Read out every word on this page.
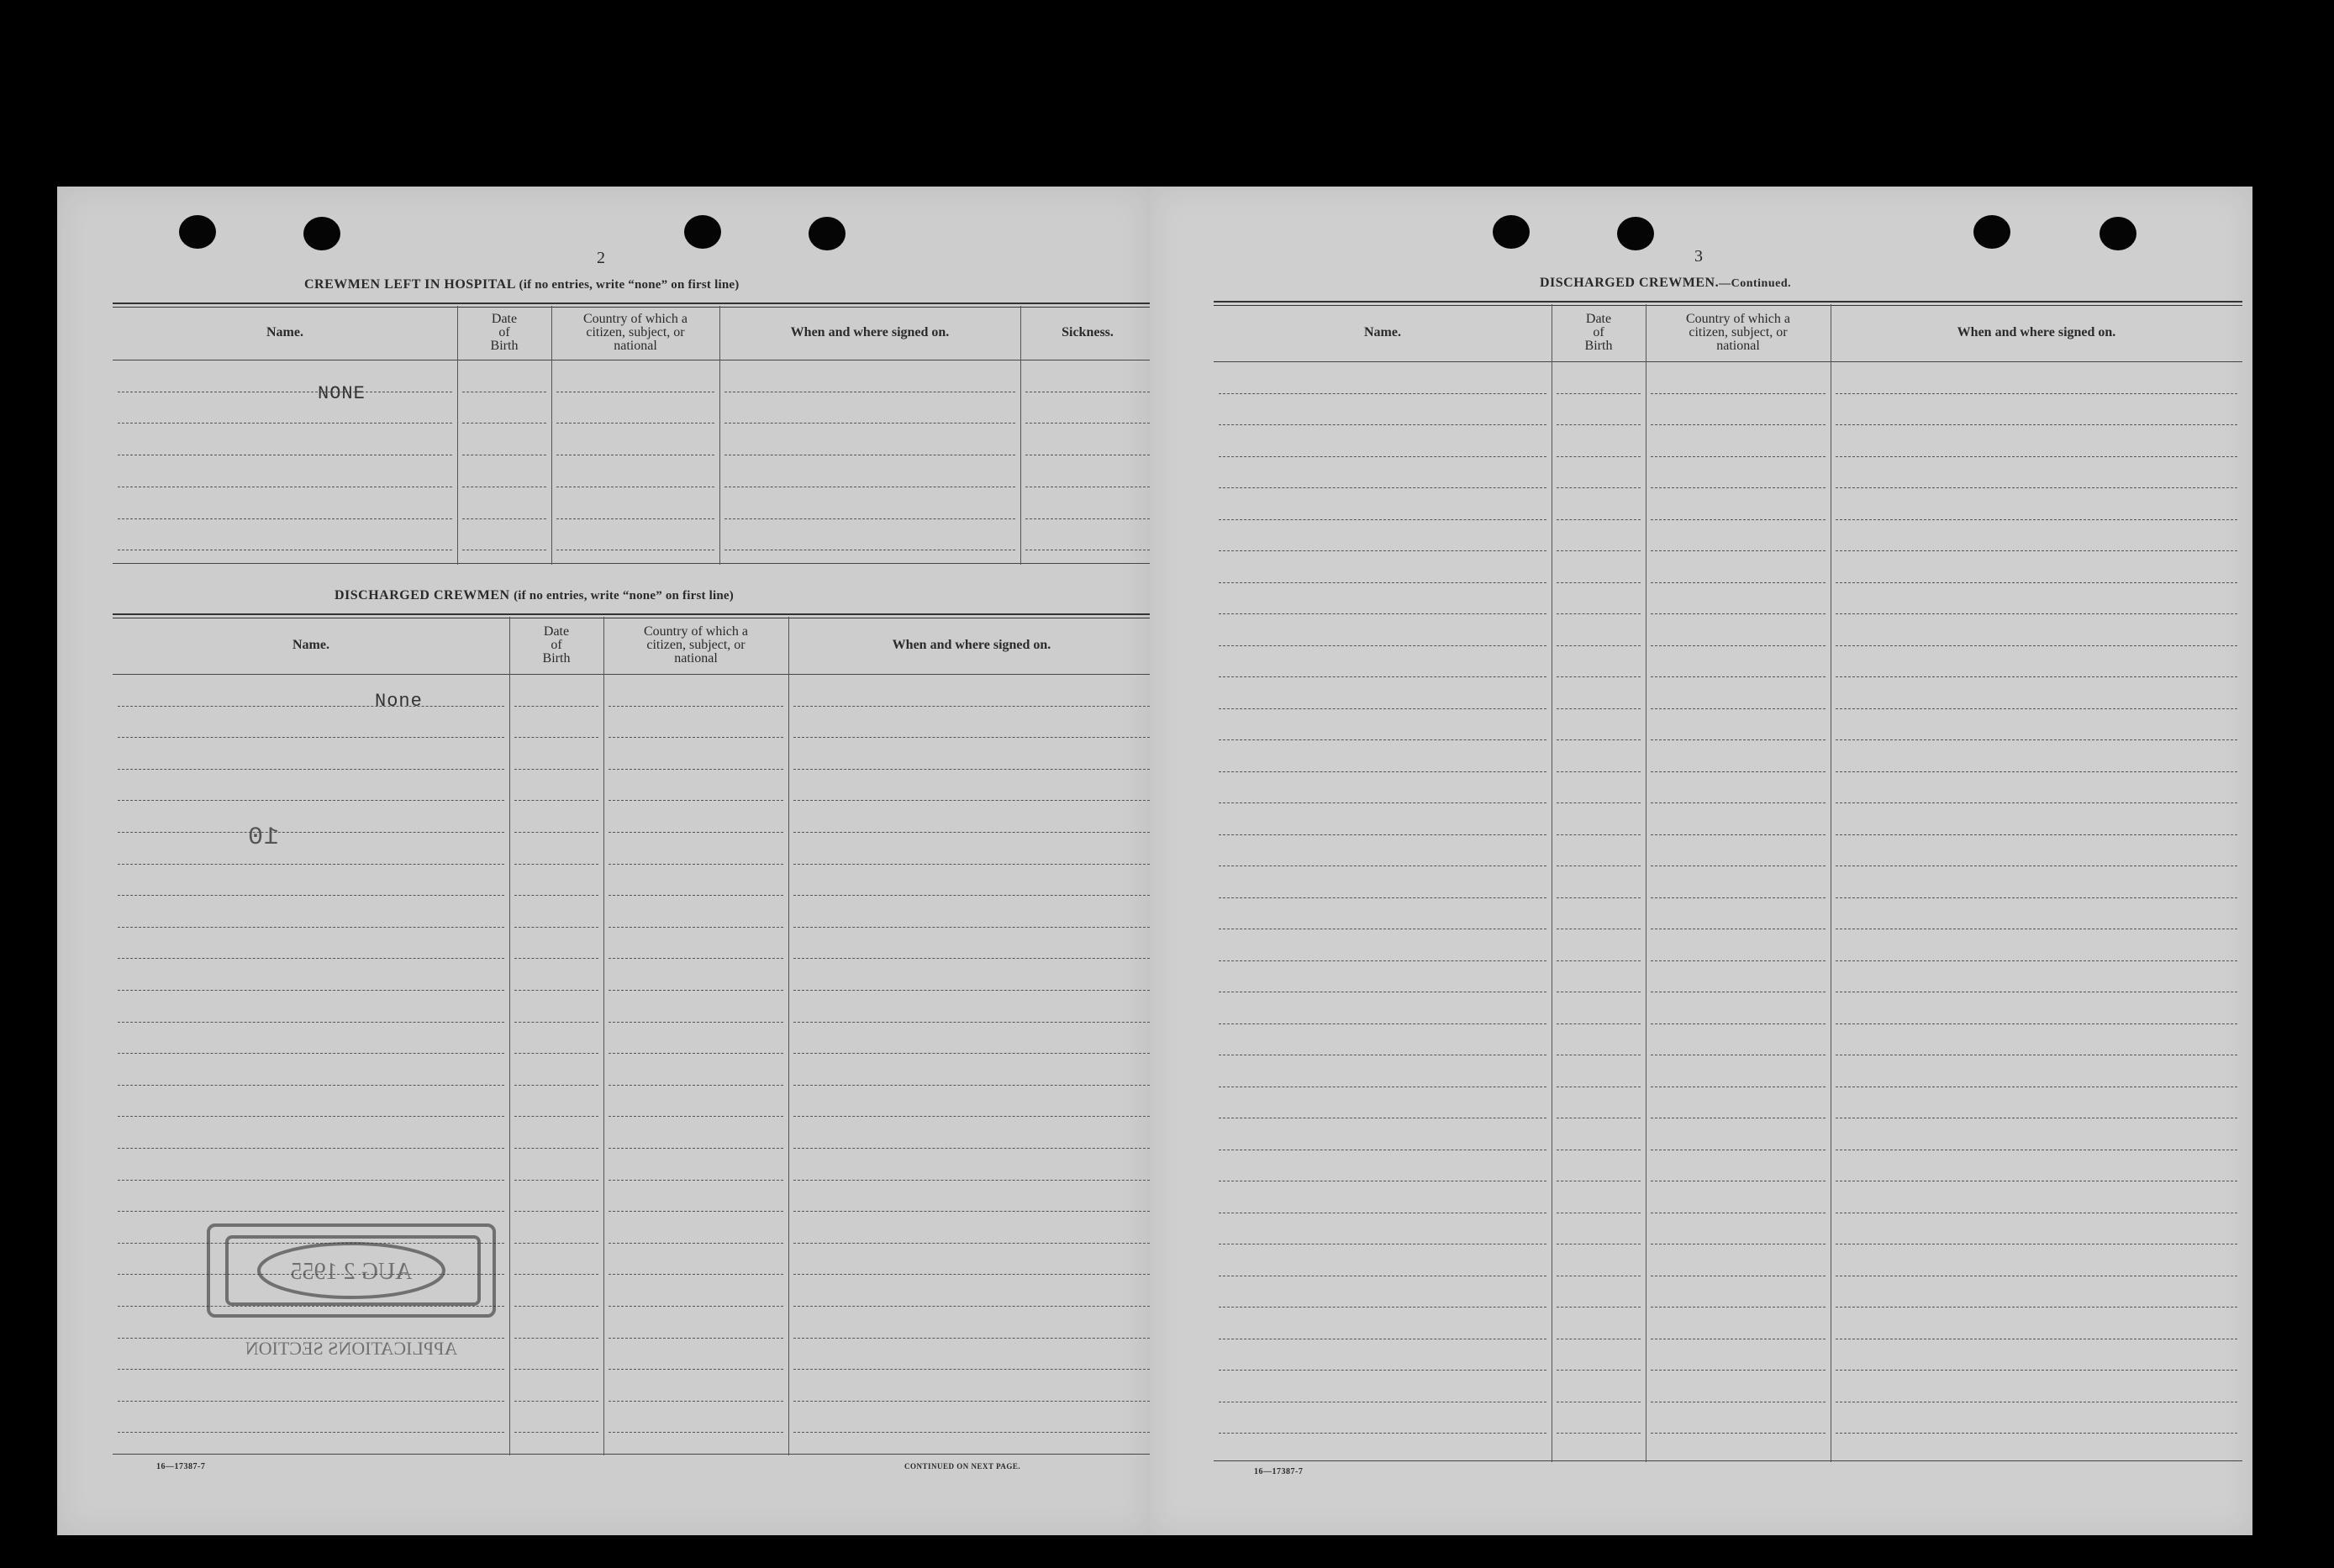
2
CREWMEN LEFT IN HOSPITAL (if no entries, write “none” on first line)
Name.
Date
of
Birth
Country of which a
citizen, subject, or
national
When and where signed on.	Sickness.
DISCHARGED CREWMEN (if no entries, write “none” on first line)
Name.
Date
of
Birth
Country of which a
citizen, subject, or
national
When and where signed on.
NONE
None
10
AUG 2 1955
APPLICATIONS SECTION
16—17387-7	CONTINUED ON NEXT PAGE.
3
DISCHARGED CREWMEN.—Continued.
Name.
Date
of
Birth
Country of which a
citizen, subject, or
national
When and where signed on.
16—17387-7
